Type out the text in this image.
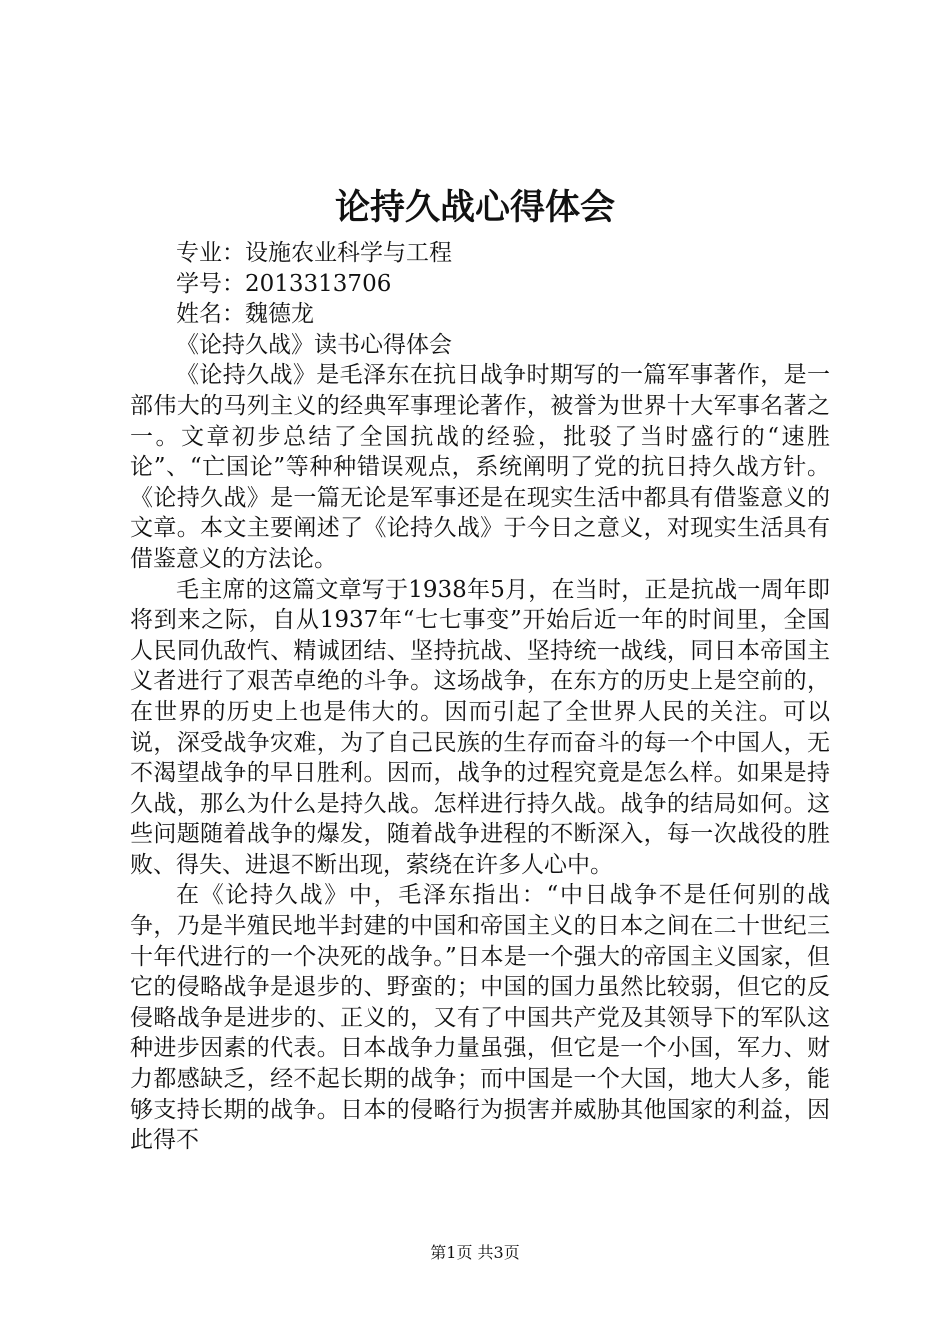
论持久战心得体会

专业：设施农业科学与工程

学号：2013313706

姓名：魏德龙

《论持久战》读书心得体会

《论持久战》是毛泽东在抗日战争时期写的一篇军事著作，是一部伟大的马列主义的经典军事理论著作，被誉为世界十大军事名著之一。文章初步总结了全国抗战的经验，批驳了当时盛行的“速胜论”、“亡国论”等种种错误观点，系统阐明了党的抗日持久战方针。《论持久战》是一篇无论是军事还是在现实生活中都具有借鉴意义的文章。本文主要阐述了《论持久战》于今日之意义，对现实生活具有借鉴意义的方法论。

毛主席的这篇文章写于1938年5月，在当时，正是抗战一周年即将到来之际，自从1937年“七七事变”开始后近一年的时间里，全国人民同仇敌忾、精诚团结、坚持抗战、坚持统一战线，同日本帝国主义者进行了艰苦卓绝的斗争。这场战争，在东方的历史上是空前的，在世界的历史上也是伟大的。因而引起了全世界人民的关注。可以说，深受战争灾难，为了自己民族的生存而奋斗的每一个中国人，无不渴望战争的早日胜利。因而，战争的过程究竟是怎么样。如果是持久战，那么为什么是持久战。怎样进行持久战。战争的结局如何。这些问题随着战争的爆发，随着战争进程的不断深入，每一次战役的胜败、得失、进退不断出现，萦绕在许多人心中。

在《论持久战》中，毛泽东指出：“中日战争不是任何别的战争，乃是半殖民地半封建的中国和帝国主义的日本之间在二十世纪三十年代进行的一个决死的战争。”日本是一个强大的帝国主义国家，但它的侵略战争是退步的、野蛮的；中国的国力虽然比较弱，但它的反侵略战争是进步的、正义的，又有了中国共产党及其领导下的军队这种进步因素的代表。日本战争力量虽强，但它是一个小国，军力、财力都感缺乏，经不起长期的战争；而中国是一个大国，地大人多，能够支持长期的战争。日本的侵略行为损害并威胁其他国家的利益，因此得不

第1页 共3页
